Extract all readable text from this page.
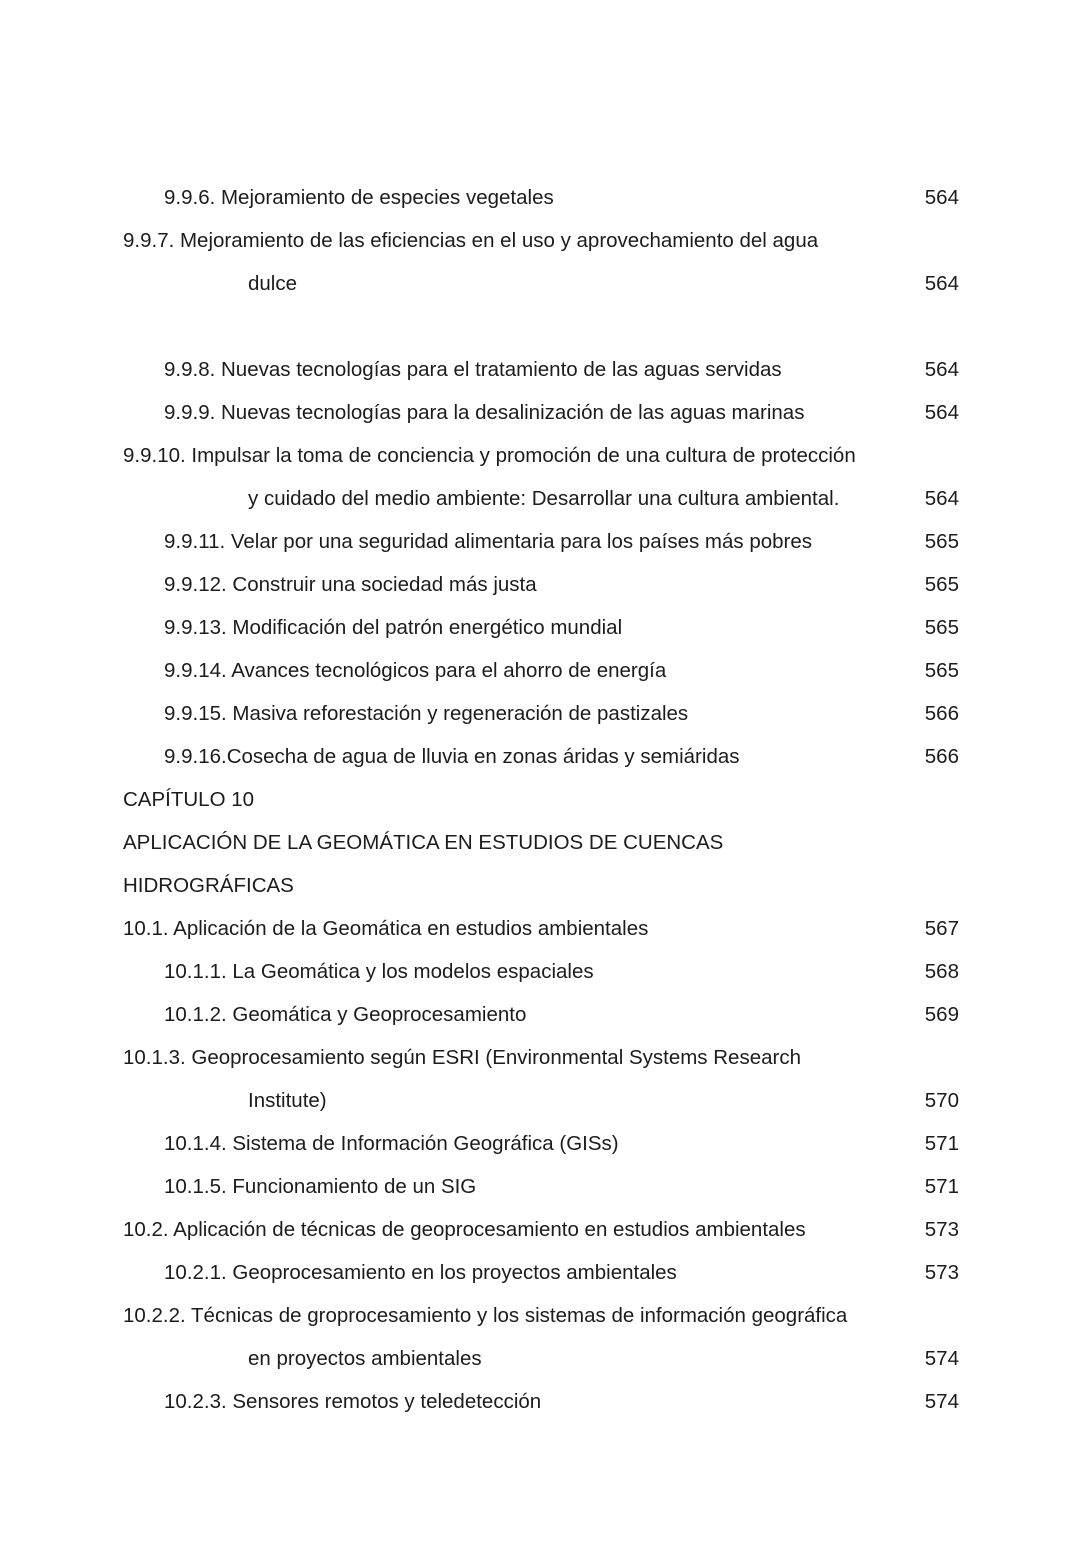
9.9.6. Mejoramiento de especies vegetales	564
9.9.7. Mejoramiento de las eficiencias en el uso y aprovechamiento del agua
dulce	564
9.9.8. Nuevas tecnologías para el tratamiento de las aguas servidas	564
9.9.9. Nuevas tecnologías para la desalinización de las aguas marinas	564
9.9.10. Impulsar la toma de conciencia y promoción de una cultura de protección
y cuidado del medio ambiente: Desarrollar una cultura ambiental.	564
9.9.11. Velar por una seguridad alimentaria para los países más pobres	565
9.9.12. Construir una sociedad más justa	565
9.9.13. Modificación del patrón energético mundial	565
9.9.14. Avances tecnológicos para el ahorro de energía	565
9.9.15. Masiva reforestación y regeneración de pastizales	566
9.9.16.Cosecha de agua de lluvia en zonas áridas y semiáridas	566
CAPÍTULO 10
APLICACIÓN DE LA GEOMÁTICA EN ESTUDIOS DE CUENCAS
HIDROGRÁFICAS
10.1. Aplicación de la Geomática en estudios ambientales	567
10.1.1. La Geomática y los modelos espaciales	568
10.1.2. Geomática y Geoprocesamiento	569
10.1.3. Geoprocesamiento según ESRI (Environmental Systems Research
Institute)	570
10.1.4. Sistema de Información Geográfica (GISs)	571
10.1.5. Funcionamiento de un SIG	571
10.2. Aplicación de técnicas de geoprocesamiento en estudios ambientales	573
10.2.1. Geoprocesamiento en los proyectos ambientales	573
10.2.2. Técnicas de groprocesamiento y los sistemas de información geográfica
en proyectos ambientales	574
10.2.3. Sensores remotos y teledetección	574
